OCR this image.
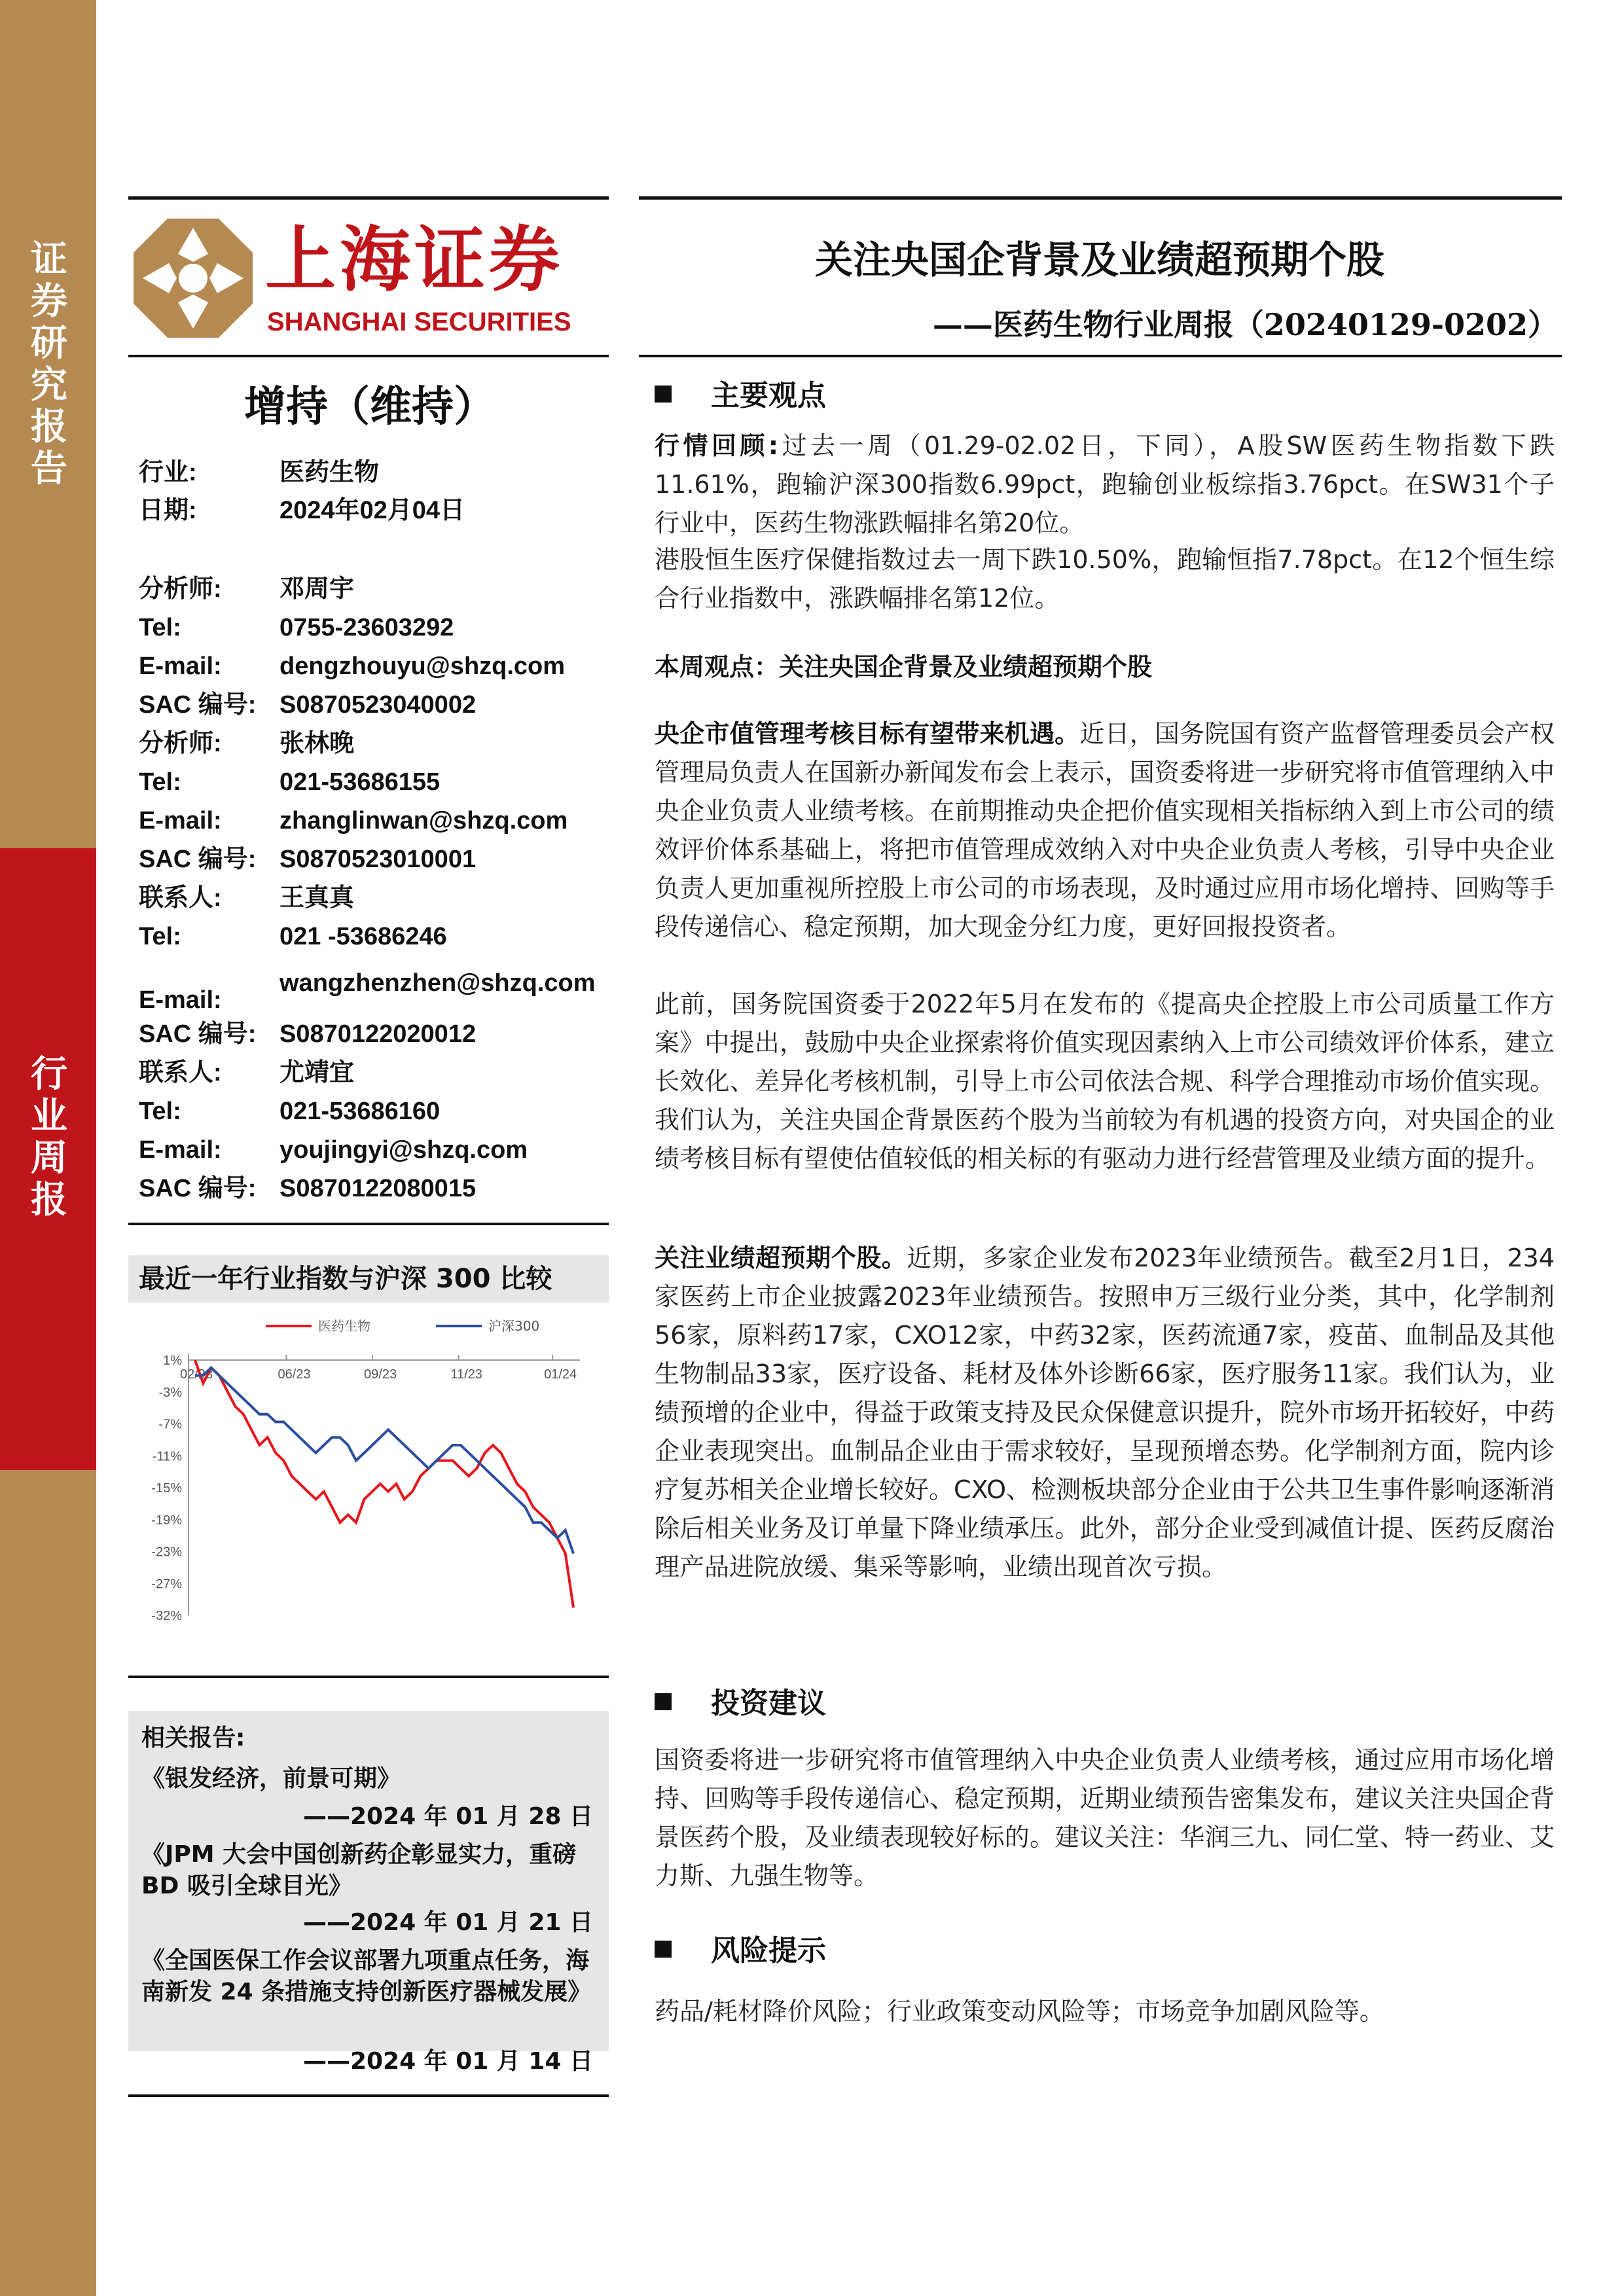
证券研究报告
行业周报
上海证券
SHANGHAI SECURITIES
增持（维持）
行业:	医药生物
日期:	2024年02月04日
分析师:	邓周宇
Tel:	0755-23603292
E-mail:	dengzhouyu@shzq.com
SAC 编号: S0870523040002
分析师:	张林晚
Tel:	021-53686155
E-mail:	zhanglinwan@shzq.com
SAC 编号: S0870523010001
联系人:	王真真
Tel:	021 -53686246
E-mail:
wangzhenzhen@shzq.com
SAC 编号: S0870122020012
联系人:	尤靖宜
Tel:	021-53686160
E-mail:	youjingyi@shzq.com
SAC 编号: S0870122080015
最近一年行业指数与沪深 300 比较
1%
-3%
-7%
-11%
-15%
-19%
-23%
-27%
-32%
02/23	06/23	09/23	11/23	01/24
医药生物	沪深300
相关报告:
《银发经济，前景可期》
——2024 年 01 月 28 日
《JPM 大会中国创新药企彰显实力，重磅BD 吸引全球目光》
——2024 年 01 月 21 日
《全国医保工作会议部署九项重点任务，海南新发 24 条措施支持创新医疗器械发展》
——2024 年 01 月 14 日
关注央国企背景及业绩超预期个股
——医药生物行业周报（20240129-0202）
主要观点
行情回顾:过去一周（01.29-02.02日，下同），A股SW医药生物指数下跌11.61%，跑输沪深300指数6.99pct，跑输创业板综指3.76pct。在SW31个子行业中，医药生物涨跌幅排名第20位。
港股恒生医疗保健指数过去一周下跌10.50%，跑输恒指7.78pct。在12个恒生综合行业指数中，涨跌幅排名第12位。
本周观点：关注央国企背景及业绩超预期个股
央企市值管理考核目标有望带来机遇。近日，国务院国有资产监督管理委员会产权管理局负责人在国新办新闻发布会上表示，国资委将进一步研究将市值管理纳入中央企业负责人业绩考核。在前期推动央企把价值实现相关指标纳入到上市公司的绩效评价体系基础上，将把市值管理成效纳入对中央企业负责人考核，引导中央企业负责人更加重视所控股上市公司的市场表现，及时通过应用市场化增持、回购等手段传递信心、稳定预期，加大现金分红力度，更好回报投资者。
此前，国务院国资委于2022年5月在发布的《提高央企控股上市公司质量工作方案》中提出，鼓励中央企业探索将价值实现因素纳入上市公司绩效评价体系，建立长效化、差异化考核机制，引导上市公司依法合规、科学合理推动市场价值实现。我们认为，关注央国企背景医药个股为当前较为有机遇的投资方向，对央国企的业绩考核目标有望使估值较低的相关标的有驱动力进行经营管理及业绩方面的提升。
关注业绩超预期个股。近期，多家企业发布2023年业绩预告。截至2月1日，234家医药上市企业披露2023年业绩预告。按照申万三级行业分类，其中，化学制剂56家，原料药17家，CXO12家，中药32家，医药流通7家，疫苗、血制品及其他生物制品33家，医疗设备、耗材及体外诊断66家，医疗服务11家。我们认为，业绩预增的企业中，得益于政策支持及民众保健意识提升，院外市场开拓较好，中药企业表现突出。血制品企业由于需求较好，呈现预增态势。化学制剂方面，院内诊疗复苏相关企业增长较好。CXO、检测板块部分企业由于公共卫生事件影响逐渐消除后相关业务及订单量下降业绩承压。此外，部分企业受到减值计提、医药反腐治理产品进院放缓、集采等影响，业绩出现首次亏损。
投资建议
国资委将进一步研究将市值管理纳入中央企业负责人业绩考核，通过应用市场化增持、回购等手段传递信心、稳定预期，近期业绩预告密集发布，建议关注央国企背景医药个股，及业绩表现较好标的。建议关注：华润三九、同仁堂、特一药业、艾力斯、九强生物等。
风险提示
药品/耗材降价风险；行业政策变动风险等；市场竞争加剧风险等。
